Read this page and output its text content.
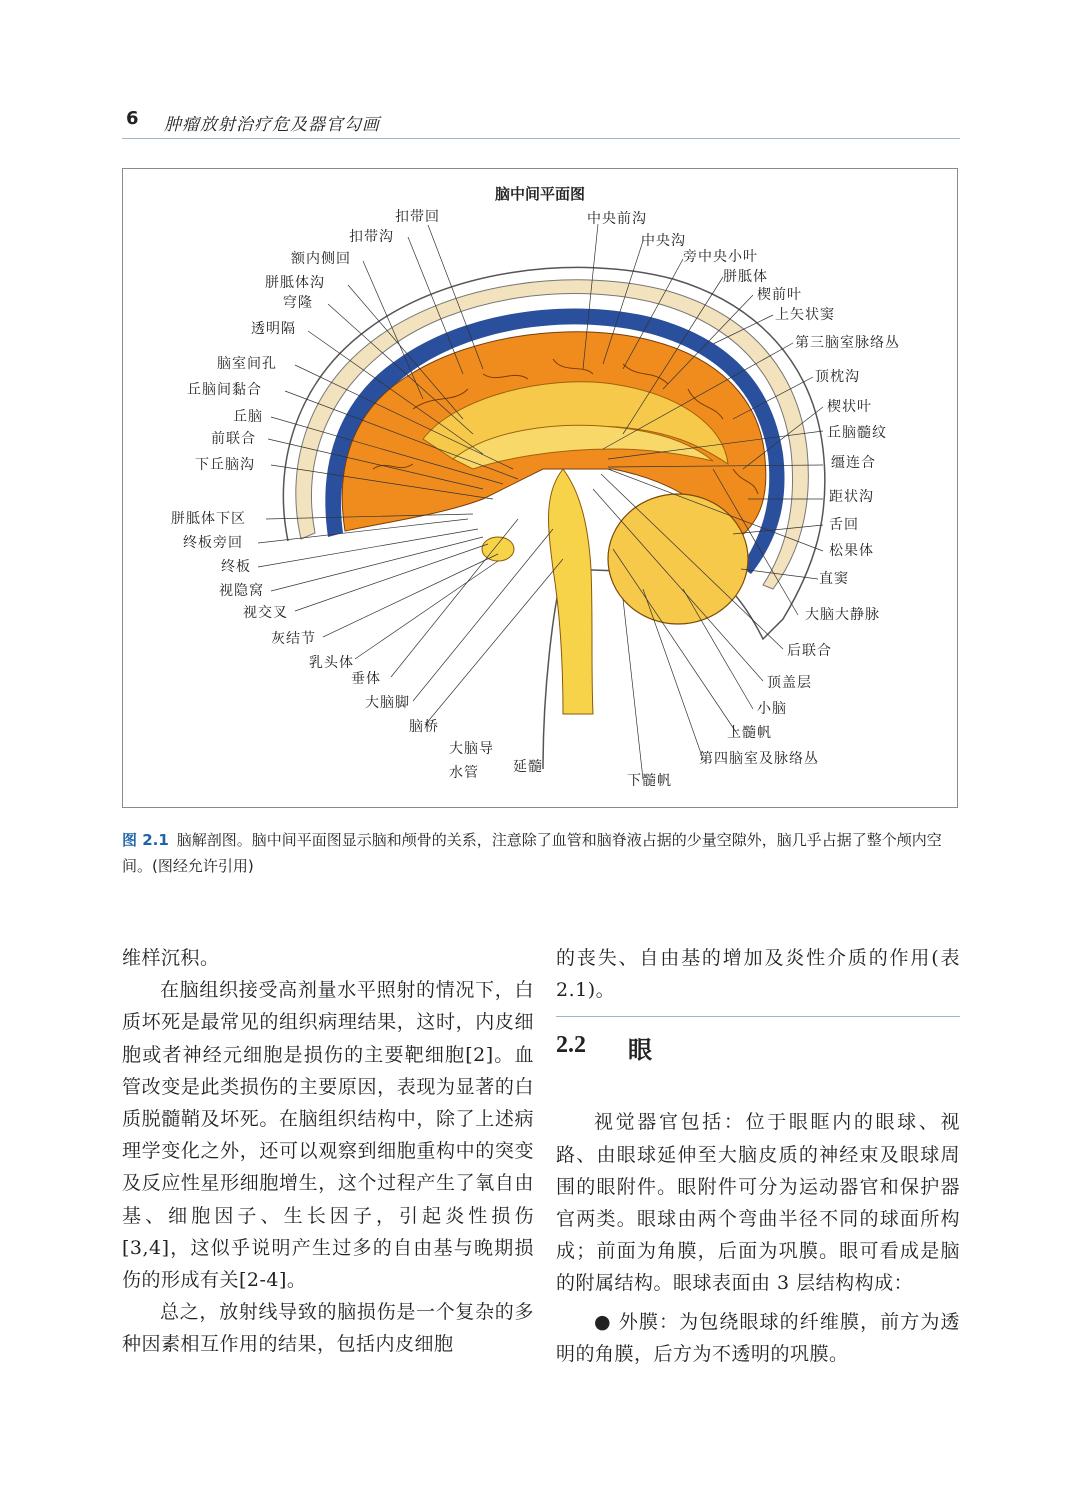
6 肿瘤放射治疗危及器官勾画
脑中间平面图
扣带回
扣带沟
额内侧回
胼胝体沟
穹隆
透明隔
脑室间孔
丘脑间黏合
丘脑
前联合
下丘脑沟
胼胝体下区
终板旁回
终板
视隐窝
视交叉
灰结节
乳头体
垂体
大脑脚
脑桥
大脑导
水管 延髓
下髓帆
中央前沟
中央沟
旁中央小叶
胼胝体
楔前叶
上矢状窦
第三脑室脉络丛
顶枕沟
楔状叶
丘脑髓纹
缰连合
距状沟
舌回
松果体
直窦
大脑大静脉
后联合
顶盖层
小脑
上髓帆
第四脑室及脉络丛
图 2.1 脑解剖图。脑中间平面图显示脑和颅骨的关系，注意除了血管和脑脊液占据的少量空隙外，脑几乎占据了整个颅内空间。(图经允许引用)

维样沉积。

在脑组织接受高剂量水平照射的情况下，白质坏死是最常见的组织病理结果，这时，内皮细胞或者神经元细胞是损伤的主要靶细胞[2]。血管改变是此类损伤的主要原因，表现为显著的白质脱髓鞘及坏死。在脑组织结构中，除了上述病理学变化之外，还可以观察到细胞重构中的突变及反应性星形细胞增生，这个过程产生了氧自由基、细胞因子、生长因子，引起炎性损伤[3,4]，这似乎说明产生过多的自由基与晚期损伤的形成有关[2-4]。

总之，放射线导致的脑损伤是一个复杂的多种因素相互作用的结果，包括内皮细胞

的丧失、自由基的增加及炎性介质的作用(表 2.1)。

2.2 眼

视觉器官包括：位于眼眶内的眼球、视路、由眼球延伸至大脑皮质的神经束及眼球周围的眼附件。眼附件可分为运动器官和保护器官两类。眼球由两个弯曲半径不同的球面所构成；前面为角膜，后面为巩膜。眼可看成是脑的附属结构。眼球表面由 3 层结构构成：

● 外膜：为包绕眼球的纤维膜，前方为透明的角膜，后方为不透明的巩膜。
